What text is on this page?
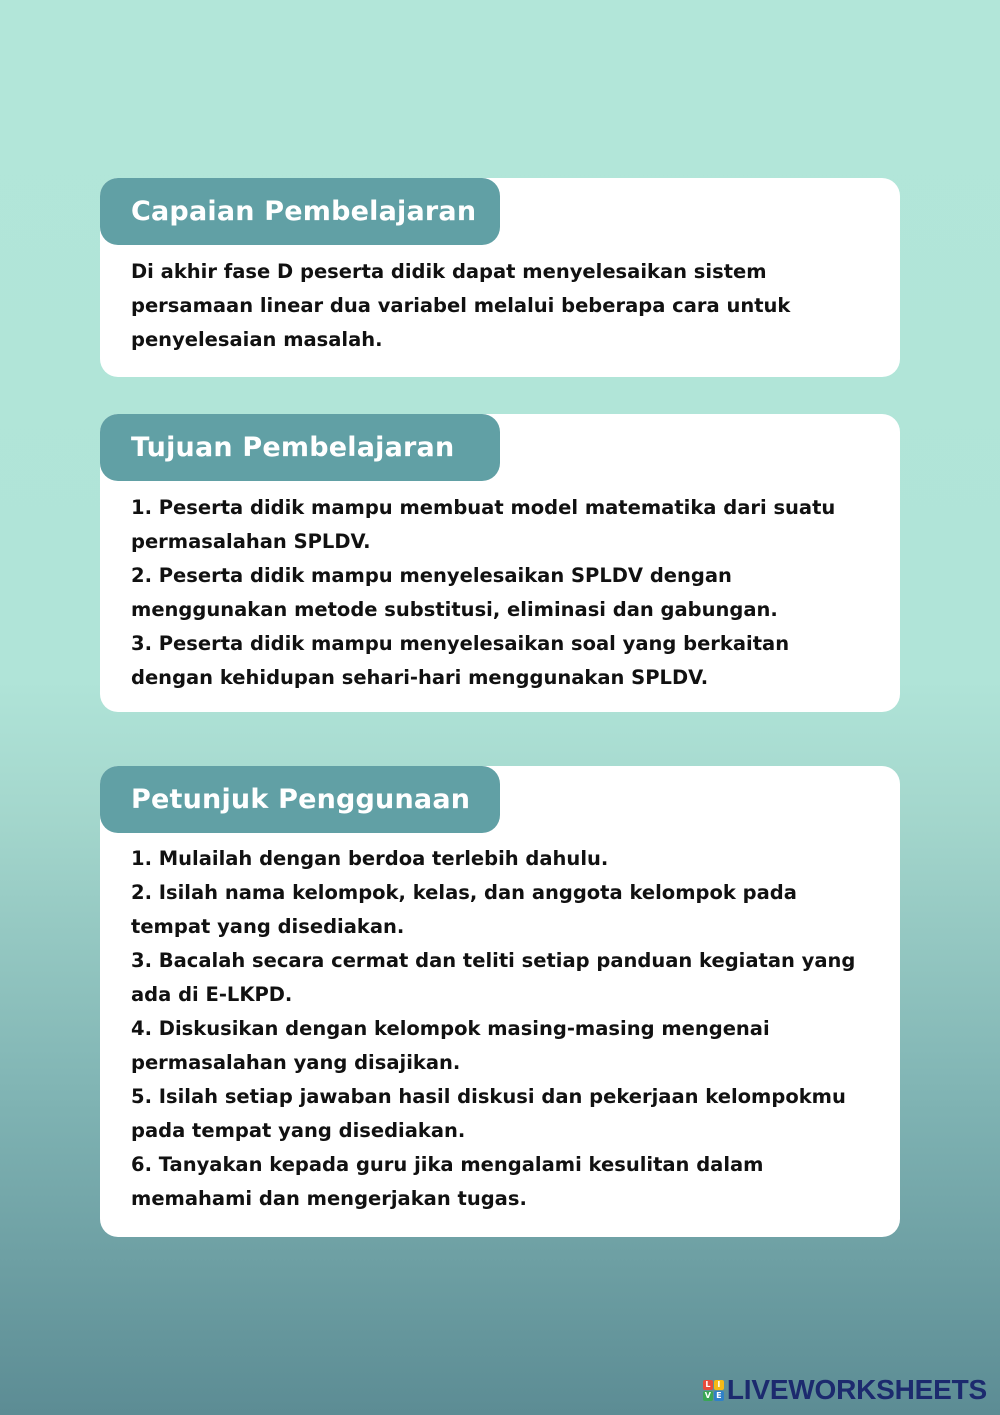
Capaian Pembelajaran

Di akhir fase D peserta didik dapat menyelesaikan sistem

persamaan linear dua variabel melalui beberapa cara untuk

penyelesaian masalah.

Tujuan Pembelajaran

1. Peserta didik mampu membuat model matematika dari suatu

permasalahan SPLDV.

2. Peserta didik mampu menyelesaikan SPLDV dengan

menggunakan metode substitusi, eliminasi dan gabungan.

3. Peserta didik mampu menyelesaikan soal yang berkaitan

dengan kehidupan sehari-hari menggunakan SPLDV.

Petunjuk Penggunaan

1. Mulailah dengan berdoa terlebih dahulu.

2. Isilah nama kelompok, kelas, dan anggota kelompok pada

tempat yang disediakan.

3. Bacalah secara cermat dan teliti setiap panduan kegiatan yang

ada di E-LKPD.

4. Diskusikan dengan kelompok masing-masing mengenai

permasalahan yang disajikan.

5. Isilah setiap jawaban hasil diskusi dan pekerjaan kelompokmu

pada tempat yang disediakan.

6. Tanyakan kepada guru jika mengalami kesulitan dalam

memahami dan mengerjakan tugas.

L I
V E LIVEWORKSHEETS
